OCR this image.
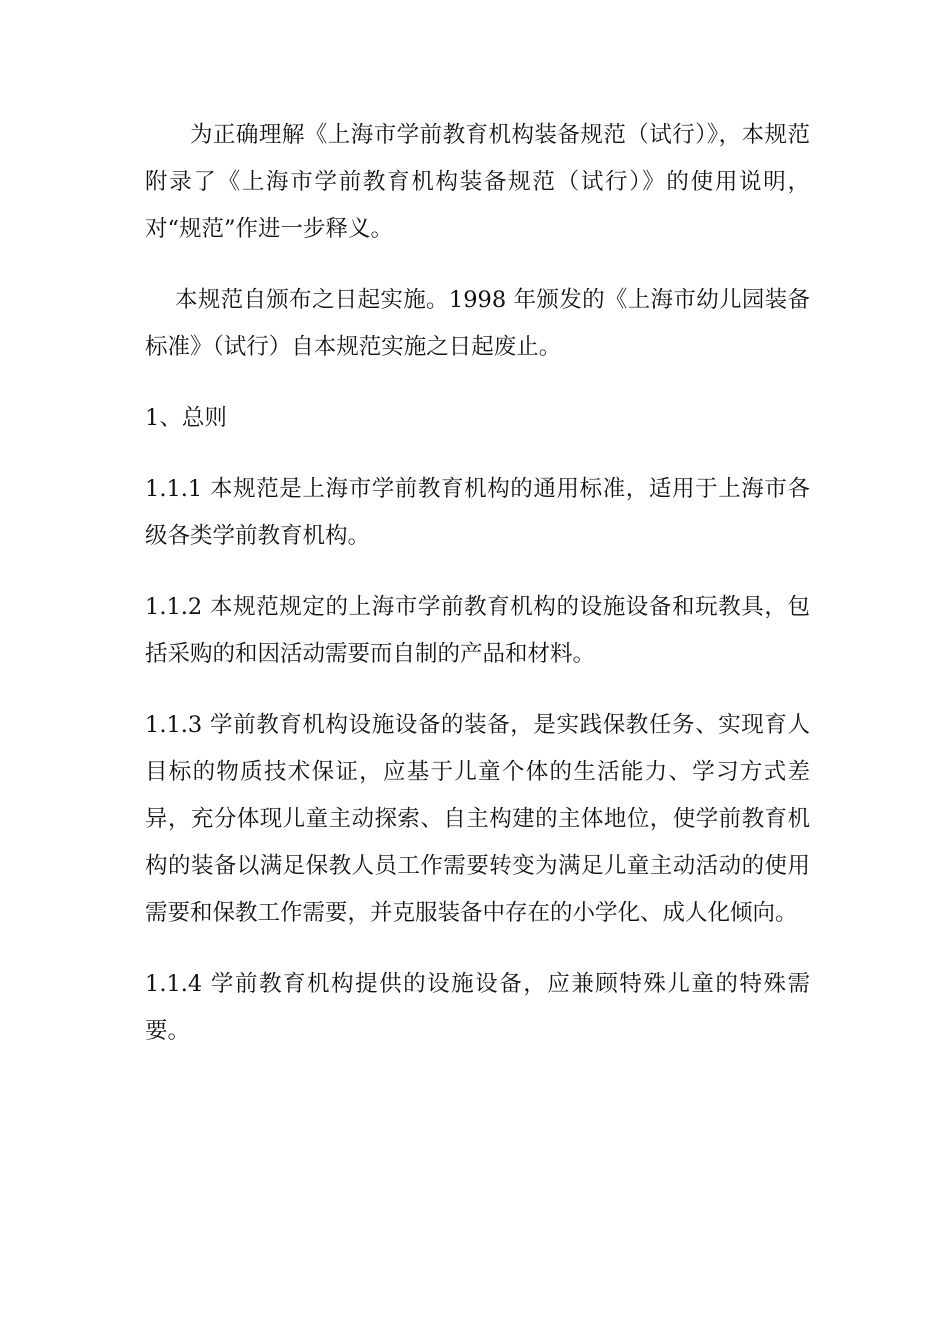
为正确理解《上海市学前教育机构装备规范（试行）》，本规范附录了《上海市学前教育机构装备规范（试行）》的使用说明，对“规范”作进一步释义。

本规范自颁布之日起实施。1998 年颁发的《上海市幼儿园装备标准》（试行）自本规范实施之日起废止。

1、总则

1.1.1 本规范是上海市学前教育机构的通用标准，适用于上海市各级各类学前教育机构。

1.1.2 本规范规定的上海市学前教育机构的设施设备和玩教具，包括采购的和因活动需要而自制的产品和材料。

1.1.3 学前教育机构设施设备的装备，是实践保教任务、实现育人目标的物质技术保证，应基于儿童个体的生活能力、学习方式差异，充分体现儿童主动探索、自主构建的主体地位，使学前教育机构的装备以满足保教人员工作需要转变为满足儿童主动活动的使用需要和保教工作需要，并克服装备中存在的小学化、成人化倾向。

1.1.4 学前教育机构提供的设施设备，应兼顾特殊儿童的特殊需要。
